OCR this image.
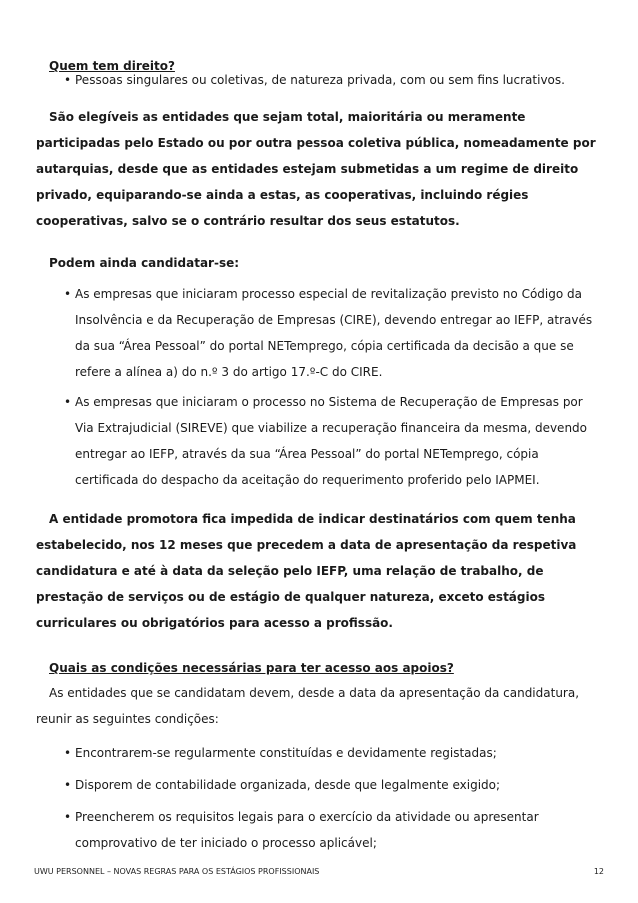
Quem tem direito?
• Pessoas singulares ou coletivas, de natureza privada, com ou sem fins lucrativos.

São elegíveis as entidades que sejam total, maioritária ou meramente participadas pelo Estado ou por outra pessoa coletiva pública, nomeadamente por autarquias, desde que as entidades estejam submetidas a um regime de direito privado, equiparando-se ainda a estas, as cooperativas, incluindo régies cooperativas, salvo se o contrário resultar dos seus estatutos.

Podem ainda candidatar-se:
• As empresas que iniciaram processo especial de revitalização previsto no Código da Insolvência e da Recuperação de Empresas (CIRE), devendo entregar ao IEFP, através da sua “Área Pessoal” do portal NETemprego, cópia certificada da decisão a que se refere a alínea a) do n.º 3 do artigo 17.º-C do CIRE.
• As empresas que iniciaram o processo no Sistema de Recuperação de Empresas por Via Extrajudicial (SIREVE) que viabilize a recuperação financeira da mesma, devendo entregar ao IEFP, através da sua “Área Pessoal” do portal NETemprego, cópia certificada do despacho da aceitação do requerimento proferido pelo IAPMEI.

A entidade promotora fica impedida de indicar destinatários com quem tenha estabelecido, nos 12 meses que precedem a data de apresentação da respetiva candidatura e até à data da seleção pelo IEFP, uma relação de trabalho, de prestação de serviços ou de estágio de qualquer natureza, exceto estágios curriculares ou obrigatórios para acesso a profissão.

Quais as condições necessárias para ter acesso aos apoios?

As entidades que se candidatam devem, desde a data da apresentação da candidatura, reunir as seguintes condições:

• Encontrarem-se regularmente constituídas e devidamente registadas;
• Disporem de contabilidade organizada, desde que legalmente exigido;
• Preencherem os requisitos legais para o exercício da atividade ou apresentar comprovativo de ter iniciado o processo aplicável;
UWU PERSONNEL – NOVAS REGRAS PARA OS ESTÁGIOS PROFISSIONAIS	12
